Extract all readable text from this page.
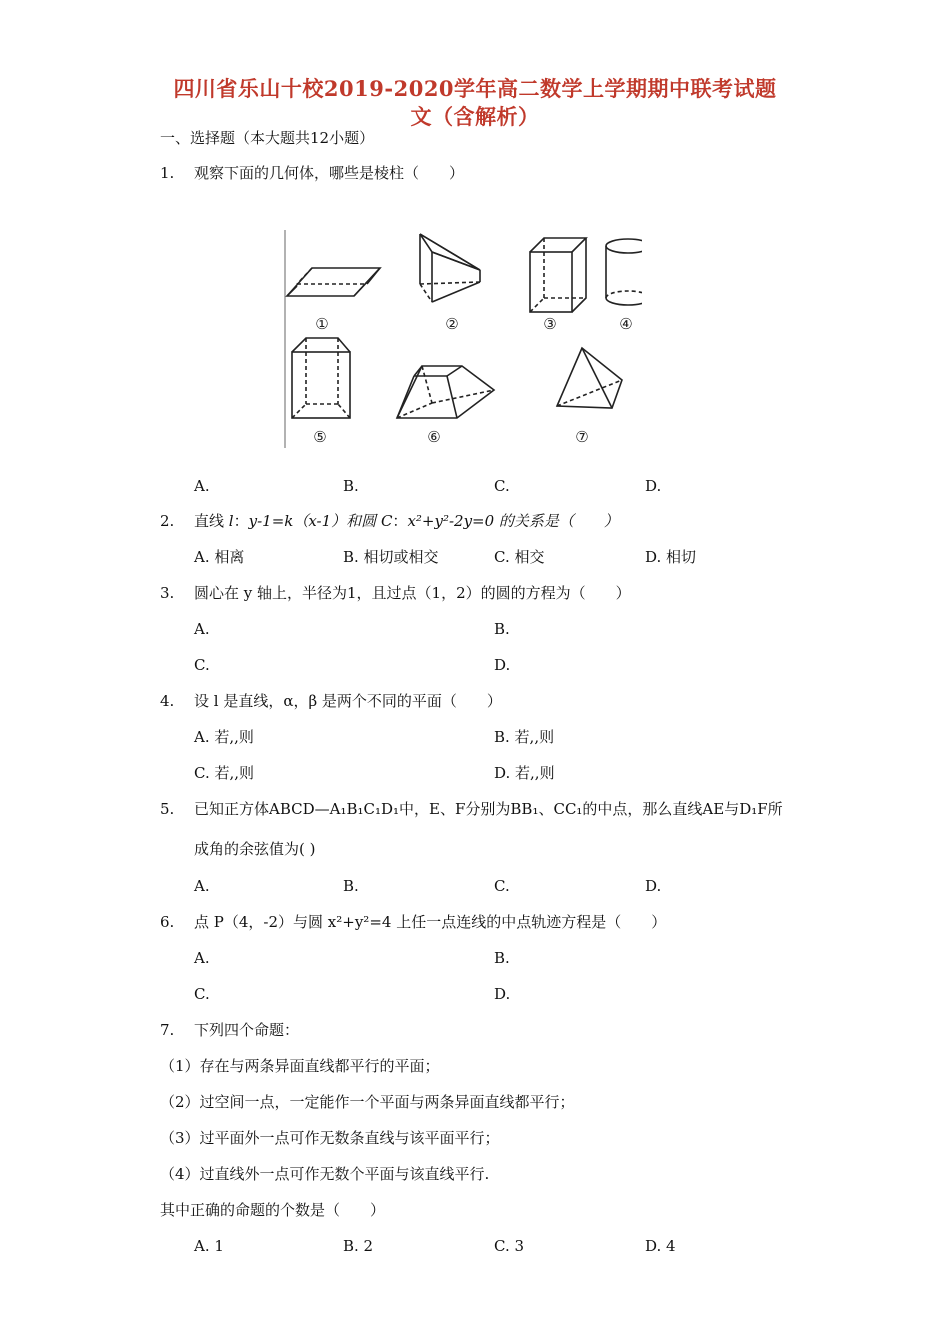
四川省乐山十校2019-2020学年高二数学上学期期中联考试题
文（含解析）
一、选择题（本大题共12小题）
1. 观察下面的几何体，哪些是棱柱（　　）
①	②	③	④
⑤	⑥	⑦
A.	B.	C.	D.
2. 直线 l：y-1=k（x-1）和圆 C：x²+y²-2y=0 的关系是（　　）
A. 相离	B. 相切或相交	C. 相交	D. 相切
3. 圆心在 y 轴上，半径为1，且过点（1，2）的圆的方程为（　　）
A.	B.
C.	D.
4. 设 l 是直线，α，β 是两个不同的平面（　　）
A. 若,,则	B. 若,,则
C. 若,,则	D. 若,,则
5. 已知正方体ABCD—A₁B₁C₁D₁中，E、F分别为BB₁、CC₁的中点，那么直线AE与D₁F所
成角的余弦值为( )
A.	B.	C.	D.
6. 点 P（4，-2）与圆 x²+y²=4 上任一点连线的中点轨迹方程是（　　）
A.	B.
C.	D.
7. 下列四个命题：
（1）存在与两条异面直线都平行的平面；
（2）过空间一点，一定能作一个平面与两条异面直线都平行；
（3）过平面外一点可作无数条直线与该平面平行；
（4）过直线外一点可作无数个平面与该直线平行.
其中正确的命题的个数是（　　）
A. 1	B. 2	C. 3	D. 4
